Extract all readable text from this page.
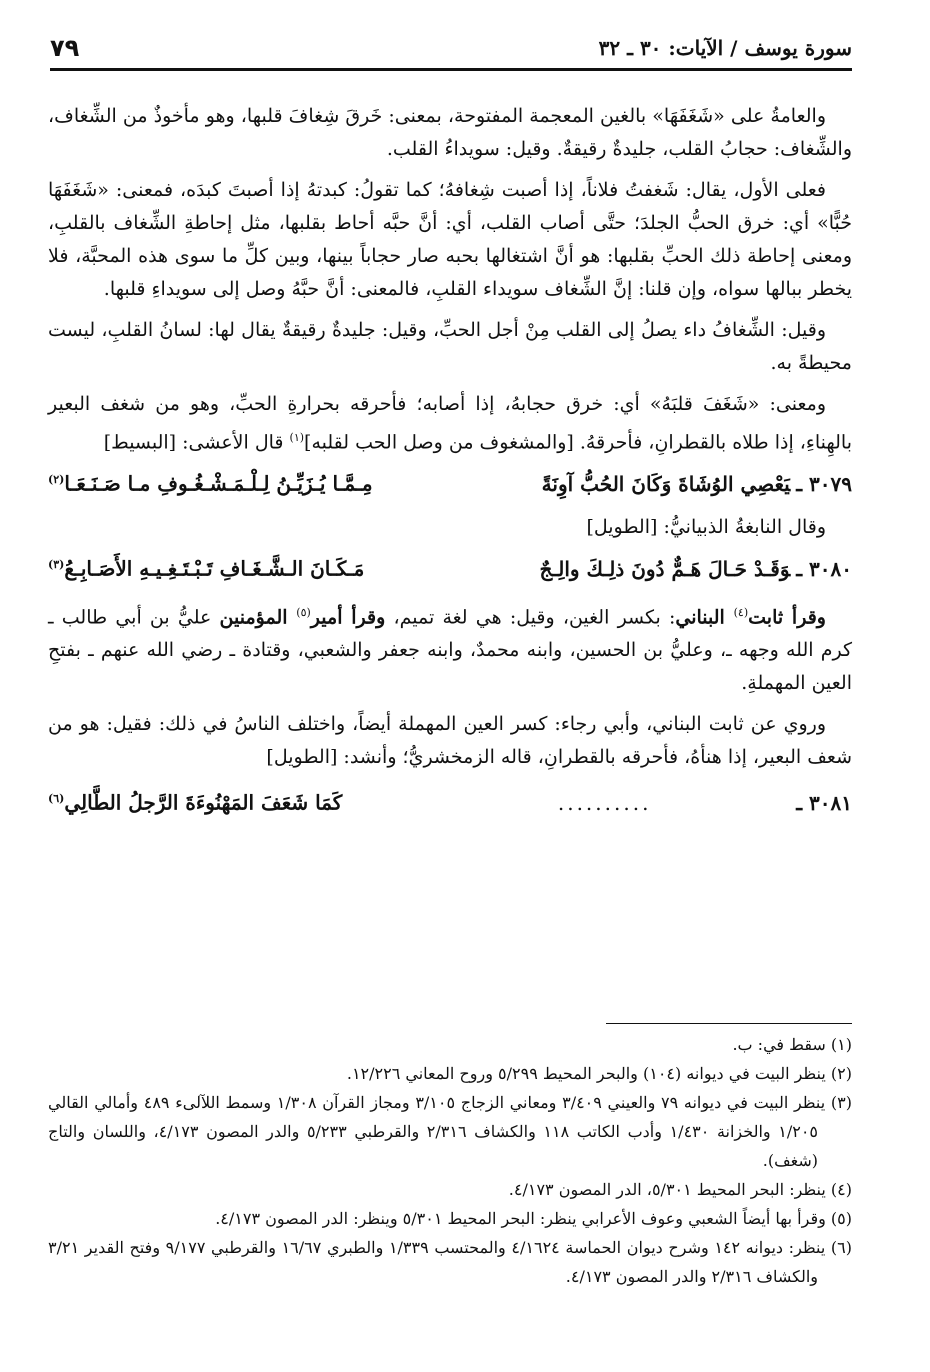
سورة يوسف / الآيات: ٣٠ ـ ٣٢
٧٩

والعامةُ على «شَغَفَهَا» بالغين المعجمة المفتوحة، بمعنى: خَرقَ شِغافَ قلبها، وهو مأخوذٌ من الشِّغاف، والشِّغاف: حجابُ القلب، جليدةٌ رقيقةٌ. وقيل: سويداءُ القلب.

فعلى الأول، يقال: شَغفتُ فلاناً، إذا أصبت شِغافهُ؛ كما تقولُ: كبدتهُ إذا أصبتَ كبدَه، فمعنى: «شَغَفَهَا حُبًّا» أي: خرق الحبُّ الجلدَ؛ حتَّى أصاب القلب، أي: أنَّ حبَّه أحاط بقلبها، مثل إحاطةِ الشِّغاف بالقلبِ، ومعنى إحاطة ذلك الحبِّ بقلبها: هو أنَّ اشتغالها بحبه صار حجاباً بينها، وبين كلِّ ما سوى هذه المحبَّة، فلا يخطر ببالها سواه، وإن قلنا: إنَّ الشِّغاف سويداء القلبِ، فالمعنى: أنَّ حبَّهُ وصل إلى سويداءِ قلبها.

وقيل: الشِّغافُ داء يصلُ إلى القلب مِنْ أجل الحبِّ، وقيل: جليدةٌ رقيقةٌ يقال لها: لسانُ القلبِ، ليست محيطةً به.

ومعنى: «شَغَفَ قلبَهُ» أي: خرق حجابهُ، إذا أصابه؛ فأحرقه بحرارةِ الحبِّ، وهو من شغف البعير بالهِناءِ، إذا طلاه بالقطرانِ، فأحرقهُ. [والمشغوف من وصل الحب لقلبه]$^{(١)}$ قال الأعشى: [البسيط]

٣٠٧٩ ـيَعْصِي الوُشَاةَ وَكَانَ الحُبُّ آوِنَةً
مِـمَّـا يُـزَيِّـنُ لِـلْـمَـشْـغُـوفِ مـا صَـنَـعَـا$^{(٢)}$

وقال النابغةُ الذبيانيُّ: [الطويل]

٣٠٨٠ ـوَقَـدْ حَـالَ هَـمٌّ دُونَ ذلِـكَ والِـجٌ
مَـكَـانَ الـشَّـغَـافِ تَـبْـتَـغِـيـهِ الأَصَـابِـعُ$^{(٣)}$

وقرأ ثابت$^{(٤)}$ البناني: بكسر الغين، وقيل: هي لغة تميم، وقرأ أمير$^{(٥)}$ المؤمنين عليُّ بن أبي طالب ـ كرم الله وجهه ـ، وعليُّ بن الحسين، وابنه محمدٌ، وابنه جعفر والشعبي، وقتادة ـ رضي الله عنهم ـ بفتحِ العين المهملةِ.

وروي عن ثابت البناني، وأبي رجاء: كسر العين المهملة أيضاً، واختلف الناسُ في ذلك: فقيل: هو من شعف البعير، إذا هنأهُ، فأحرقه بالقطرانِ، قاله الزمخشريُّ؛ وأنشد: [الطويل]

٣٠٨١ ـ
..........
كَمَا شَعَفَ المَهْنُوءَةَ الرَّجلُ الطَّالِي$^{(٦)}$

(١) سقط في: ب.

(٢) ينظر البيت في ديوانه (١٠٤) والبحر المحيط ٥/٢٩٩ وروح المعاني ١٢/٢٢٦.

(٣) ينظر البيت في ديوانه ٧٩ والعيني ٣/٤٠٩ ومعاني الزجاج ٣/١٠٥ ومجاز القرآن ١/٣٠٨ وسمط اللآلىء ٤٨٩ وأمالي القالي ١/٢٠٥ والخزانة ١/٤٣٠ وأدب الكاتب ١١٨ والكشاف ٢/٣١٦ والقرطبي ٥/٢٣٣ والدر المصون ٤/١٧٣، واللسان والتاج (شغف).

(٤) ينظر: البحر المحيط ٥/٣٠١، الدر المصون ٤/١٧٣.

(٥) وقرأ بها أيضاً الشعبي وعوف الأعرابي ينظر: البحر المحيط ٥/٣٠١ وينظر: الدر المصون ٤/١٧٣.

(٦) ينظر: ديوانه ١٤٢ وشرح ديوان الحماسة ٤/١٦٢٤ والمحتسب ١/٣٣٩ والطبري ١٦/٦٧ والقرطبي ٩/١٧٧ وفتح القدير ٣/٢١ والكشاف ٢/٣١٦ والدر المصون ٤/١٧٣.
